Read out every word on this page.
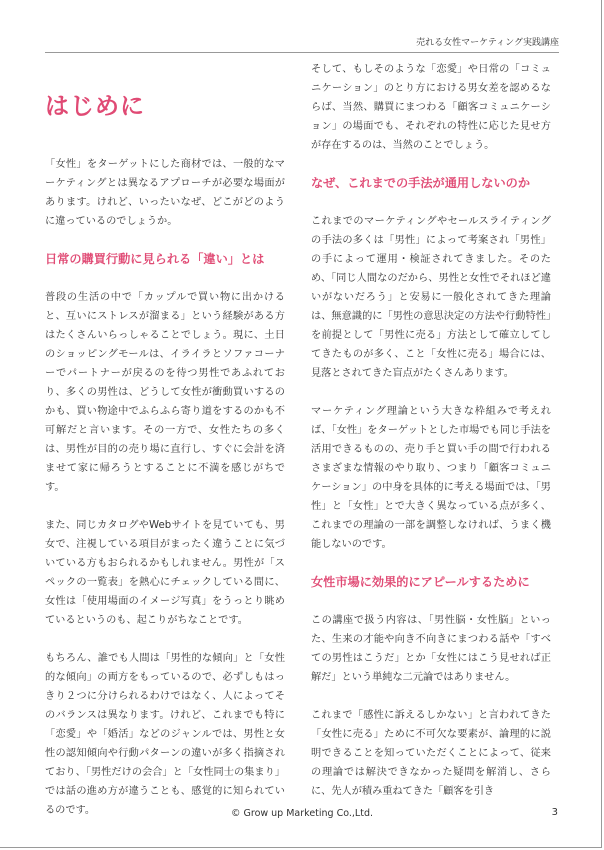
売れる女性マーケティング実践講座
はじめに

「女性」をターゲットにした商材では、一般的なマーケティングとは異なるアプローチが必要な場面があります。けれど、いったいなぜ、どこがどのように違っているのでしょうか。

日常の購買行動に見られる「違い」とは

普段の生活の中で「カップルで買い物に出かけると、互いにストレスが溜まる」という経験がある方はたくさんいらっしゃることでしょう。現に、土日のショッピングモールは、イライラとソファコーナーでパートナーが戻るのを待つ男性であふれており、多くの男性は、どうして女性が衝動買いするのかも、買い物途中でふらふら寄り道をするのかも不可解だと言います。その一方で、女性たちの多くは、男性が目的の売り場に直行し、すぐに会計を済ませて家に帰ろうとすることに不満を感じがちです。

また、同じカタログやWebサイトを見ていても、男女で、注視している項目がまったく違うことに気づいている方もおられるかもしれません。男性が「スペックの一覧表」を熱心にチェックしている間に、女性は「使用場面のイメージ写真」をうっとり眺めているというのも、起こりがちなことです。

もちろん、誰でも人間は「男性的な傾向」と「女性的な傾向」の両方をもっているので、必ずしもはっきり２つに分けられるわけではなく、人によってそのバランスは異なります。けれど、これまでも特に「恋愛」や「婚活」などのジャンルでは、男性と女性の認知傾向や行動パターンの違いが多く指摘されており、「男性だけの会合」と「女性同士の集まり」では話の進め方が違うことも、感覚的に知られているのです。

そして、もしそのような「恋愛」や日常の「コミュニケーション」のとり方における男女差を認めるならば、当然、購買にまつわる「顧客コミュニケーション」の場面でも、それぞれの特性に応じた見せ方が存在するのは、当然のことでしょう。

なぜ、これまでの手法が通用しないのか

これまでのマーケティングやセールスライティングの手法の多くは「男性」によって考案され「男性」の手によって運用・検証されてきました。そのため、「同じ人間なのだから、男性と女性でそれほど違いがないだろう」と安易に一般化されてきた理論は、無意識的に「男性の意思決定の方法や行動特性」を前提として「男性に売る」方法として確立してしてきたものが多く、こと「女性に売る」場合には、見落とされてきた盲点がたくさんあります。

マーケティング理論という大きな枠組みで考えれば、「女性」をターゲットとした市場でも同じ手法を活用できるものの、売り手と買い手の間で行われるさまざまな情報のやり取り、つまり「顧客コミュニケーション」の中身を具体的に考える場面では、「男性」と「女性」とで大きく異なっている点が多く、これまでの理論の一部を調整しなければ、うまく機能しないのです。

女性市場に効果的にアピールするために

この講座で扱う内容は、「男性脳・女性脳」といった、生来の才能や向き不向きにまつわる話や「すべての男性はこうだ」とか「女性にはこう見せれば正解だ」という単純な二元論ではありません。

これまで「感性に訴えるしかない」と言われてきた「女性に売る」ために不可欠な要素が、論理的に説明できることを知っていただくことによって、従来の理論では解決できなかった疑問を解消し、さらに、先人が積み重ねてきた「顧客を引き

© Grow up Marketing Co.,Ltd.	3
